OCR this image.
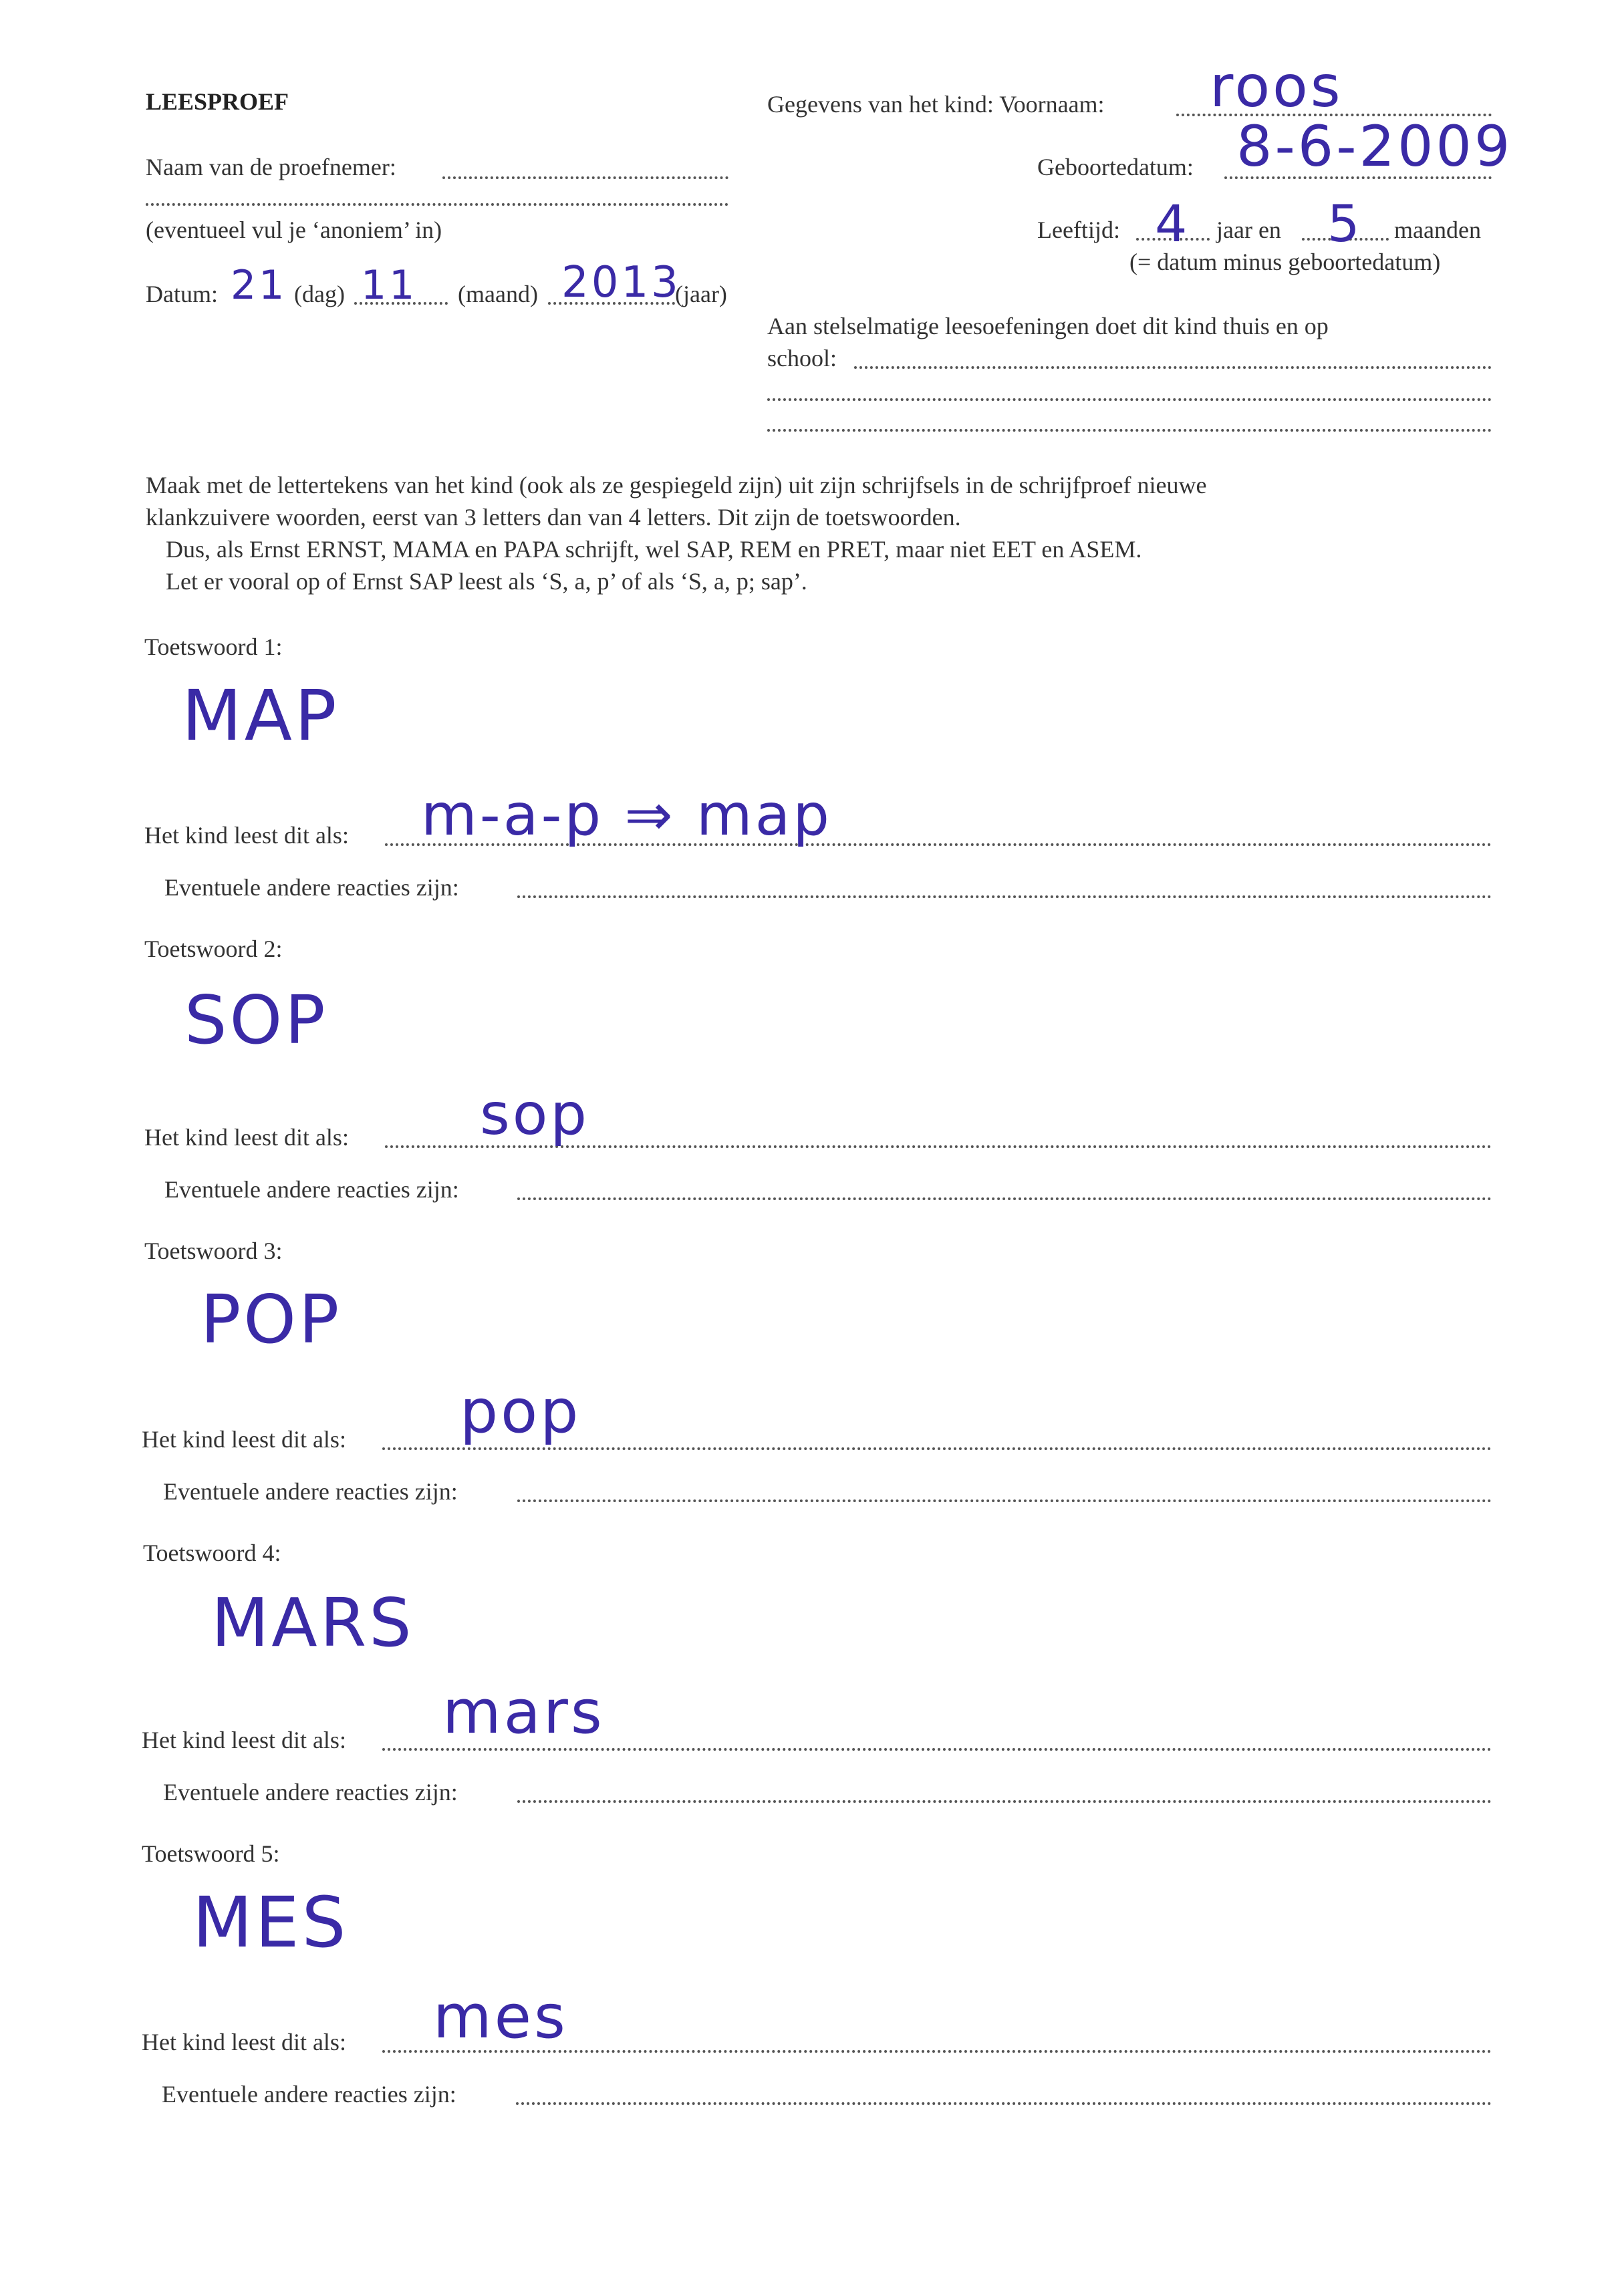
LEESPROEF
Naam van de proefnemer:
(eventueel vul je ‘anoniem’ in)
Datum: 21 (dag) 11 (maand) 2013
(jaar)
Gegevens van het kind: Voornaam: roos
Geboortedatum: 8-6-2009
Leeftijd: 4 jaar en 5 maanden
(= datum minus geboortedatum)
Aan stelselmatige leesoefeningen doet dit kind thuis en op
school:
Maak met de lettertekens van het kind (ook als ze gespiegeld zijn) uit zijn schrijfsels in de schrijfproef nieuwe
klankzuivere woorden, eerst van 3 letters dan van 4 letters. Dit zijn de toetswoorden.
Dus, als Ernst ERNST, MAMA en PAPA schrijft, wel SAP, REM en PRET, maar niet EET en ASEM.
Let er vooral op of Ernst SAP leest als ‘S, a, p’ of als ‘S, a, p; sap’.
Toetswoord 1:
MAP
Het kind leest dit als: m-a-p ⇒ map
Eventuele andere reacties zijn:
Toetswoord 2:
SOP
Het kind leest dit als: sop
Eventuele andere reacties zijn:
Toetswoord 3:
POP
Het kind leest dit als: pop
Eventuele andere reacties zijn:
Toetswoord 4:
MARS
Het kind leest dit als: mars
Eventuele andere reacties zijn:
Toetswoord 5:
MES
Het kind leest dit als: mes
Eventuele andere reacties zijn:
